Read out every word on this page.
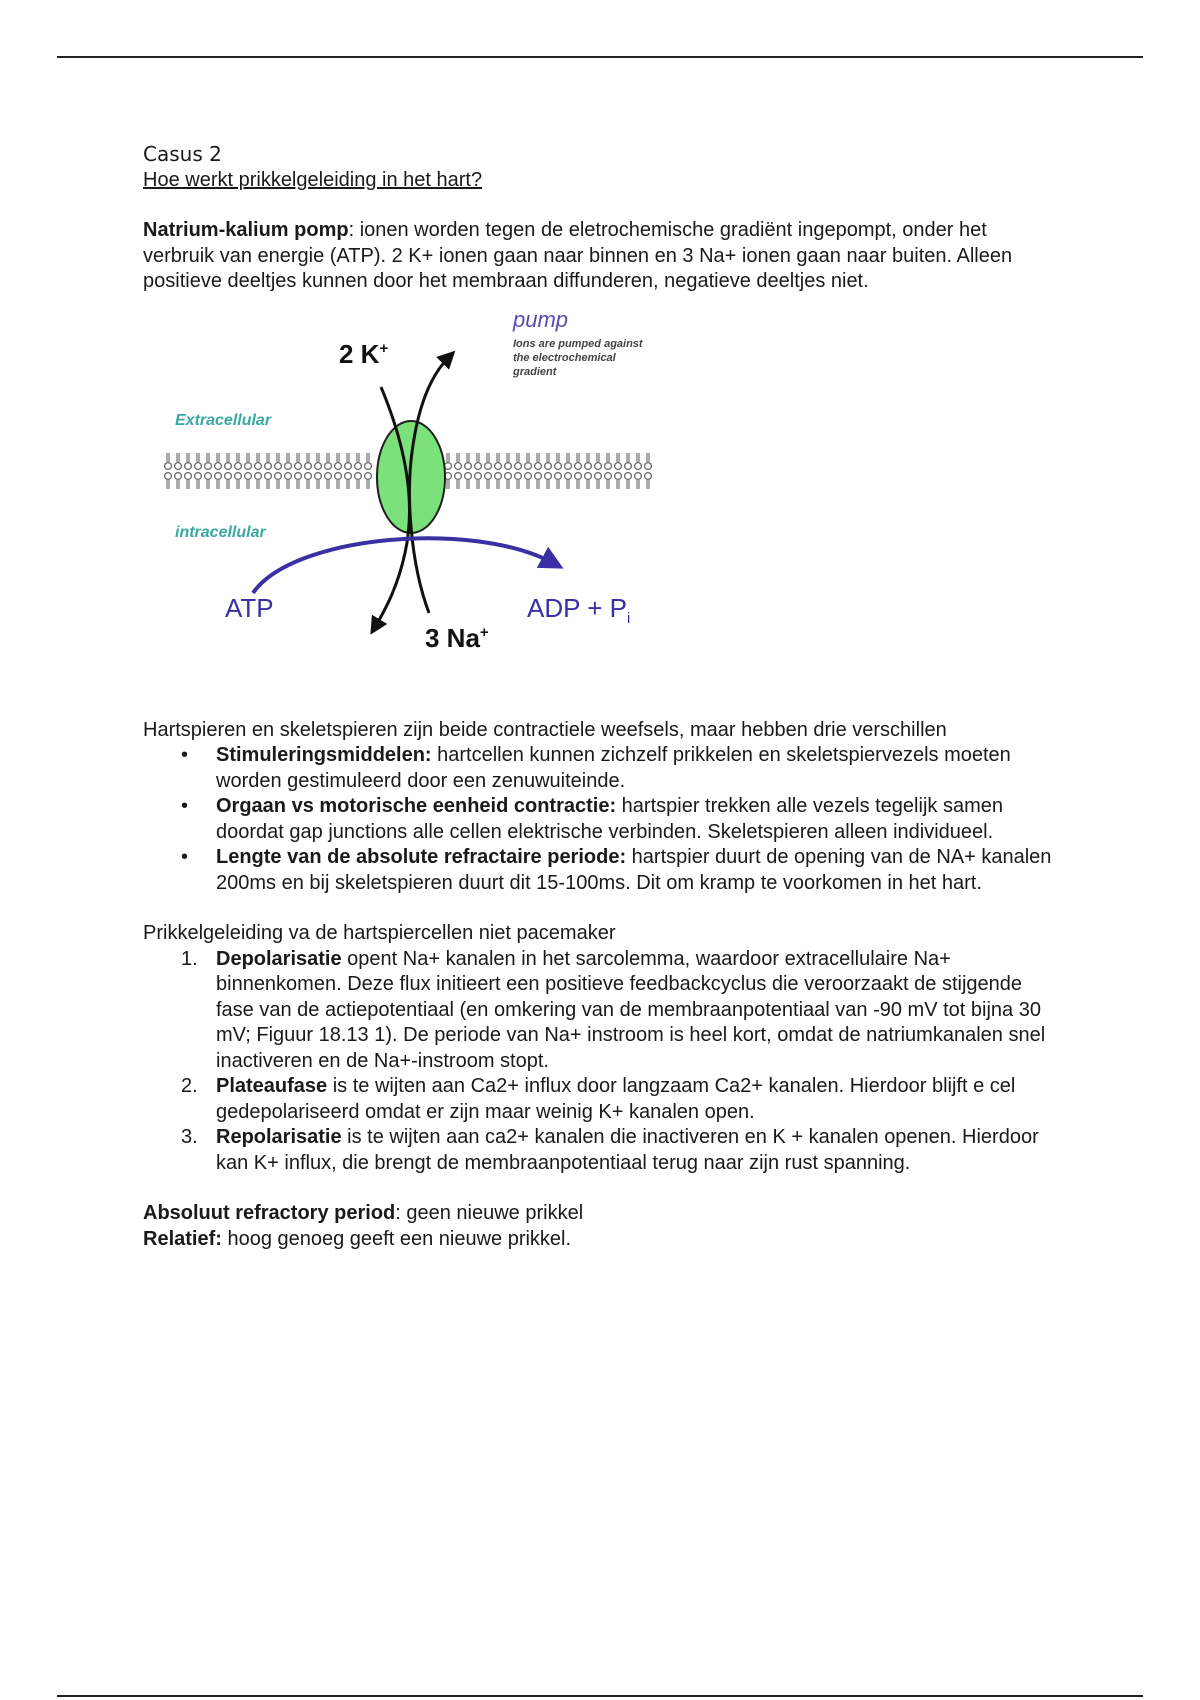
Casus 2

Hoe werkt prikkelgeleiding in het hart?

Natrium-kalium pomp: ionen worden tegen de eletrochemische gradiënt ingepompt, onder het verbruik van energie (ATP). 2 K+ ionen gaan naar binnen en 3 Na+ ionen gaan naar buiten. Alleen positieve deeltjes kunnen door het membraan diffunderen, negatieve deeltjes niet.

pump
Ions are pumped against
the electrochemical
gradient
Extracellular
intracellular
2 K+
3 Na+
ATP	ADP + $P_i$

Hartspieren en skeletspieren zijn beide contractiele weefsels, maar hebben drie verschillen

• Stimuleringsmiddelen: hartcellen kunnen zichzelf prikkelen en skeletspiervezels moeten worden gestimuleerd door een zenuwuiteinde.
• Orgaan vs motorische eenheid contractie: hartspier trekken alle vezels tegelijk samen doordat gap junctions alle cellen elektrische verbinden. Skeletspieren alleen individueel.
• Lengte van de absolute refractaire periode: hartspier duurt de opening van de NA+ kanalen 200ms en bij skeletspieren duurt dit 15-100ms. Dit om kramp te voorkomen in het hart.

Prikkelgeleiding va de hartspiercellen niet pacemaker

1. Depolarisatie opent Na+ kanalen in het sarcolemma, waardoor extracellulaire Na+ binnenkomen. Deze flux initieert een positieve feedbackcyclus die veroorzaakt de stijgende fase van de actiepotentiaal (en omkering van de membraanpotentiaal van -90 mV tot bijna 30 mV; Figuur 18.13 1). De periode van Na+ instroom is heel kort, omdat de natriumkanalen snel inactiveren en de Na+-instroom stopt.
2. Plateaufase is te wijten aan Ca2+ influx door langzaam Ca2+ kanalen. Hierdoor blijft e cel gedepolariseerd omdat er zijn maar weinig K+ kanalen open.
3. Repolarisatie is te wijten aan ca2+ kanalen die inactiveren en K + kanalen openen. Hierdoor kan K+ influx, die brengt de membraanpotentiaal terug naar zijn rust spanning.

Absoluut refractory period: geen nieuwe prikkel

Relatief: hoog genoeg geeft een nieuwe prikkel.
